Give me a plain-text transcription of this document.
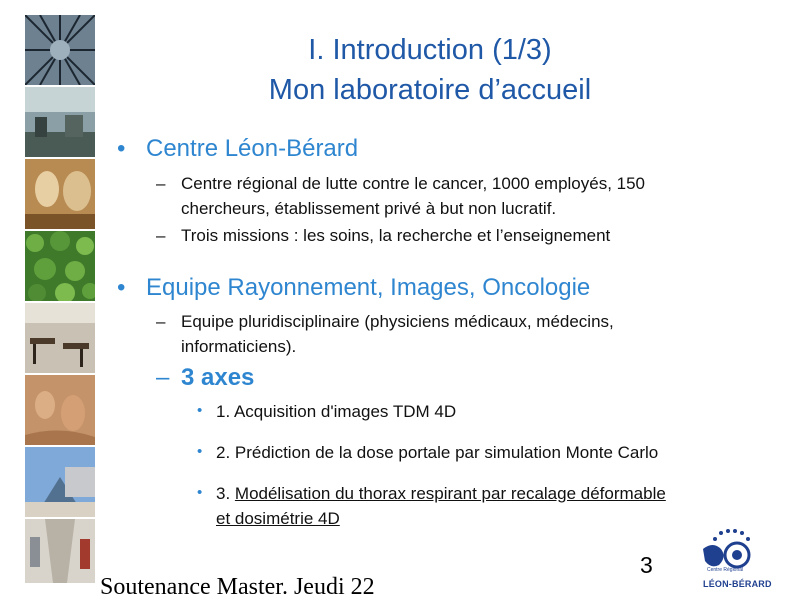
I. Introduction (1/3)
Mon laboratoire d’accueil
• Centre Léon-Bérard
– Centre régional de lutte contre le cancer, 1000 employés, 150
chercheurs, établissement privé à but non lucratif.
– Trois missions : les soins, la recherche et l’enseignement
• Equipe Rayonnement, Images, Oncologie
– Equipe pluridisciplinaire (physiciens médicaux, médecins,
informaticiens).
– 3 axes
• 1. Acquisition d'images TDM 4D
• 2. Prédiction de la dose portale par simulation Monte Carlo
• 3. Modélisation du thorax respirant par recalage déformable
et dosimétrie 4D
3
Soutenance Master. Jeudi 22
Centre Régional
LÉON-BÉRARD
